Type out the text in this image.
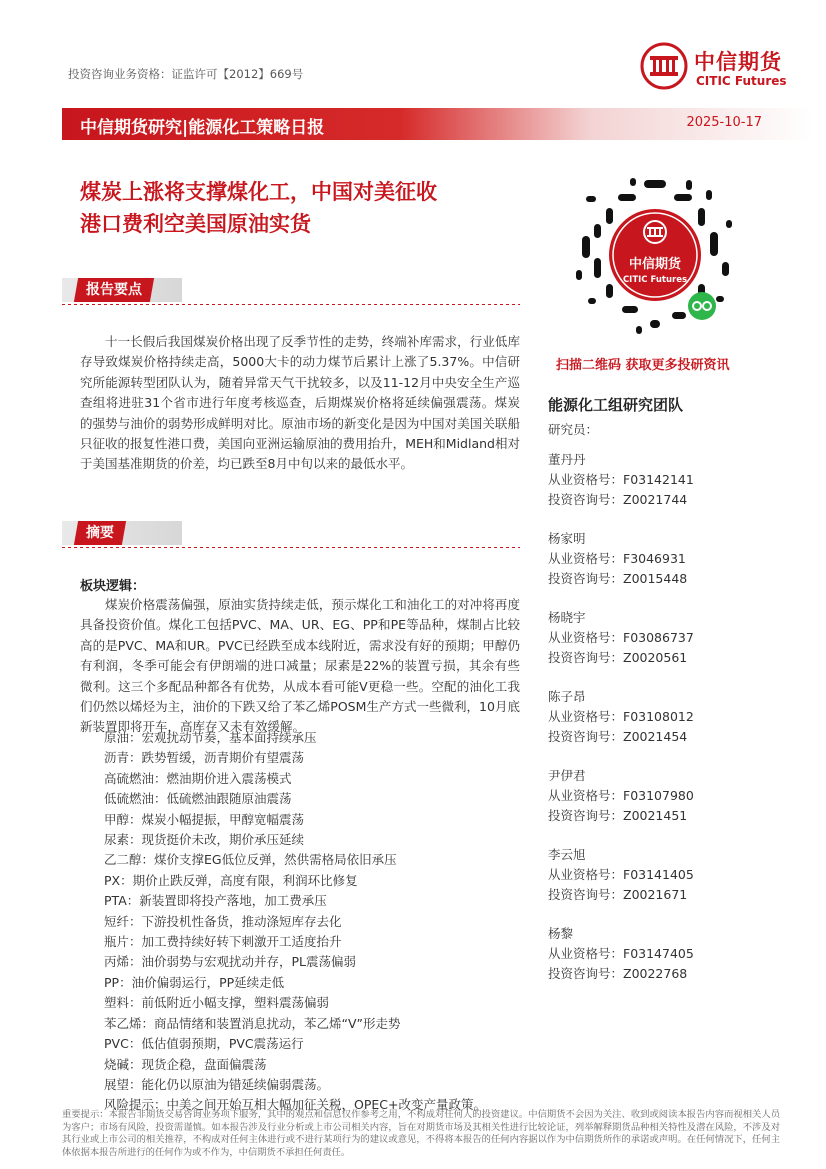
投资咨询业务资格：证监许可【2012】669号	中信期货
CITIC Futures
中信期货研究|能源化工策略日报	2025-10-17
煤炭上涨将支撑煤化工，中国对美征收
港口费利空美国原油实货
报告要点
十一长假后我国煤炭价格出现了反季节性的走势，终端补库需求，行业低库存导致煤炭价格持续走高，5000大卡的动力煤节后累计上涨了5.37%。中信研究所能源转型团队认为，随着异常天气干扰较多，以及11-12月中央安全生产巡查组将进驻31个省市进行年度考核巡查，后期煤炭价格将延续偏强震荡。煤炭的强势与油价的弱势形成鲜明对比。原油市场的新变化是因为中国对美国关联船只征收的报复性港口费，美国向亚洲运输原油的费用抬升，MEH和Midland相对于美国基准期货的价差，均已跌至8月中旬以来的最低水平。
摘要
板块逻辑：
煤炭价格震荡偏强，原油实货持续走低，预示煤化工和油化工的对冲将再度具备投资价值。煤化工包括PVC、MA、UR、EG、PP和PE等品种，煤制占比较高的是PVC、MA和UR。PVC已经跌至成本线附近，需求没有好的预期；甲醇仍有利润，冬季可能会有伊朗端的进口减量；尿素是22%的装置亏损，其余有些微利。这三个多配品种都各有优势，从成本看可能V更稳一些。空配的油化工我们仍然以烯烃为主，油价的下跌又给了苯乙烯POSM生产方式一些微利，10月底新装置即将开车，高库存又未有效缓解。
原油：宏观扰动节奏，基本面持续承压
沥青：跌势暂缓，沥青期价有望震荡
高硫燃油：燃油期价进入震荡模式
低硫燃油：低硫燃油跟随原油震荡
甲醇：煤炭小幅提振，甲醇宽幅震荡
尿素：现货挺价未改，期价承压延续
乙二醇：煤价支撑EG低位反弹，然供需格局依旧承压
PX：期价止跌反弹，高度有限，利润环比修复
PTA：新装置即将投产落地，加工费承压
短纤：下游投机性备货，推动涤短库存去化
瓶片：加工费持续好转下刺激开工适度抬升
丙烯：油价弱势与宏观扰动并存，PL震荡偏弱
PP：油价偏弱运行，PP延续走低
塑料：前低附近小幅支撑，塑料震荡偏弱
苯乙烯：商品情绪和装置消息扰动，苯乙烯“V”形走势
PVC：低估值弱预期，PVC震荡运行
烧碱：现货企稳，盘面偏震荡
展望：能化仍以原油为错延续偏弱震荡。
风险提示：中美之间开始互相大幅加征关税，OPEC+改变产量政策。
中信期货
CITIC Futures
扫描二维码 获取更多投研资讯
能源化工组研究团队
研究员：
董丹丹
从业资格号：F03142141
投资咨询号：Z0021744
杨家明
从业资格号：F3046931
投资咨询号：Z0015448
杨晓宇
从业资格号：F03086737
投资咨询号：Z0020561
陈子昂
从业资格号：F03108012
投资咨询号：Z0021454
尹伊君
从业资格号：F03107980
投资咨询号：Z0021451
李云旭
从业资格号：F03141405
投资咨询号：Z0021671
杨黎
从业资格号：F03147405
投资咨询号：Z0022768
重要提示：本报告非期货交易咨询业务项下服务，其中的观点和信息仅作参考之用，不构成对任何人的投资建议。中信期货不会因为关注、收到或阅读本报告内容而视相关人员为客户；市场有风险，投资需谨慎。如本报告涉及行业分析或上市公司相关内容，旨在对期货市场及其相关性进行比较论证，列举解释期货品种相关特性及潜在风险，不涉及对其行业或上市公司的相关推荐，不构成对任何主体进行或不进行某项行为的建议或意见，不得将本报告的任何内容据以作为中信期货所作的承诺或声明。在任何情况下，任何主体依据本报告所进行的任何作为或不作为，中信期货不承担任何责任。
